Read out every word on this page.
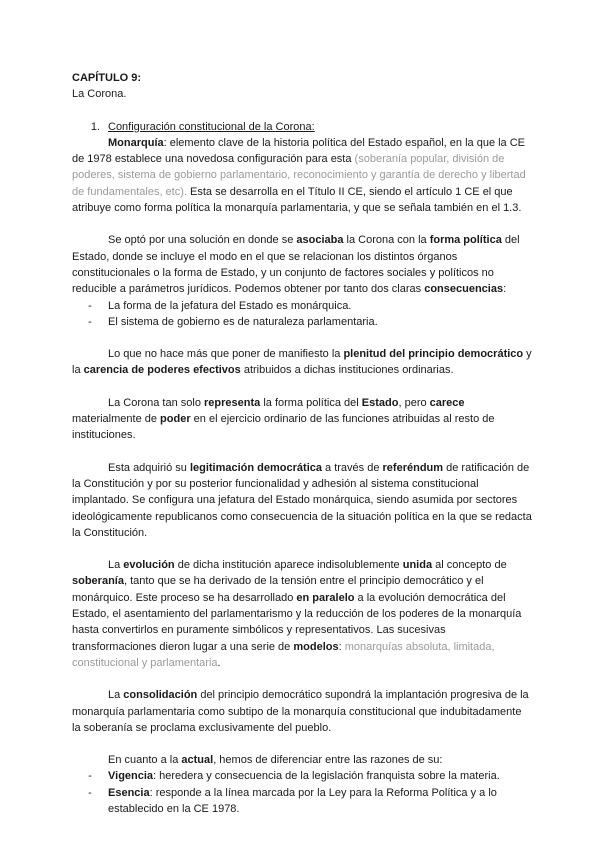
CAPÍTULO 9:

La Corona.

1. Configuración constitucional de la Corona:

Monarquía: elemento clave de la historia política del Estado español, en la que la CE de 1978 establece una novedosa configuración para esta (soberanía popular, división de poderes, sistema de gobierno parlamentario, reconocimiento y garantía de derecho y libertad de fundamentales, etc). Esta se desarrolla en el Título II CE, siendo el artículo 1 CE el que atribuye como forma política la monarquía parlamentaria, y que se señala también en el 1.3.

Se optó por una solución en donde se asociaba la Corona con la forma política del Estado, donde se incluye el modo en el que se relacionan los distintos órganos constitucionales o la forma de Estado, y un conjunto de factores sociales y políticos no reducible a parámetros jurídicos. Podemos obtener por tanto dos claras consecuencias:

-	La forma de la jefatura del Estado es monárquica.
-	El sistema de gobierno es de naturaleza parlamentaria.

Lo que no hace más que poner de manifiesto la plenitud del principio democrático y la carencia de poderes efectivos atribuidos a dichas instituciones ordinarias.

La Corona tan solo representa la forma política del Estado, pero carece materialmente de poder en el ejercicio ordinario de las funciones atribuidas al resto de instituciones.

Esta adquirió su legitimación democrática a través de referéndum de ratificación de la Constitución y por su posterior funcionalidad y adhesión al sistema constitucional implantado. Se configura una jefatura del Estado monárquica, siendo asumida por sectores ideológicamente republicanos como consecuencia de la situación política en la que se redacta la Constitución.

La evolución de dicha institución aparece indisolublemente unida al concepto de soberanía, tanto que se ha derivado de la tensión entre el principio democrático y el monárquico. Este proceso se ha desarrollado en paralelo a la evolución democrática del Estado, el asentamiento del parlamentarismo y la reducción de los poderes de la monarquía hasta convertirlos en puramente simbólicos y representativos. Las sucesivas transformaciones dieron lugar a una serie de modelos: monarquías absoluta, limitada, constitucional y parlamentaria.

La consolidación del principio democrático supondrá la implantación progresiva de la monarquía parlamentaria como subtipo de la monarquía constitucional que indubitadamente la soberanía se proclama exclusivamente del pueblo.

En cuanto a la actual, hemos de diferenciar entre las razones de su:

-	Vigencia: heredera y consecuencia de la legislación franquista sobre la materia.
-	Esencia: responde a la línea marcada por la Ley para la Reforma Política y a lo establecido en la CE 1978.
